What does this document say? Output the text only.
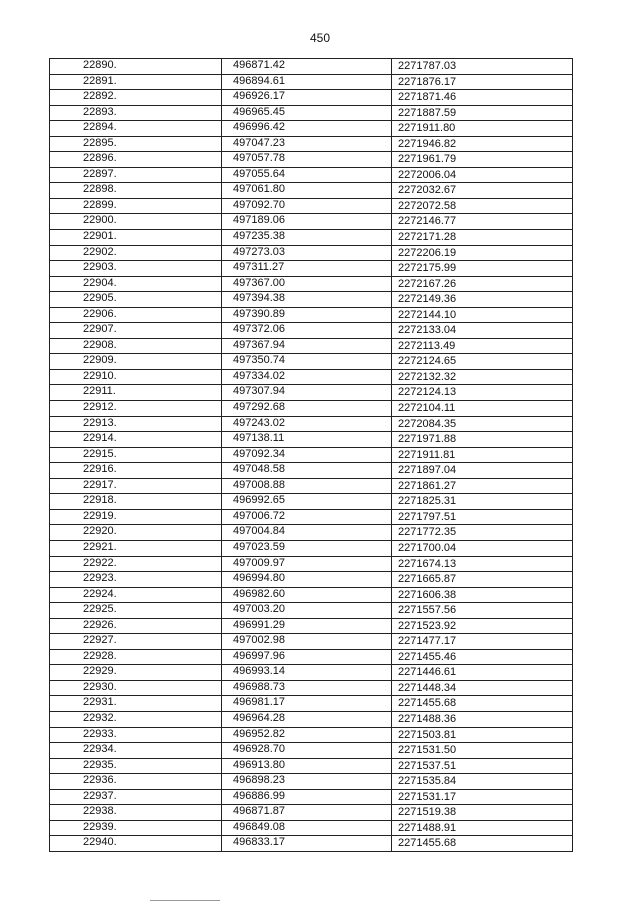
450
22890.	496871.42	2271787.03
22891.	496894.61	2271876.17
22892.	496926.17	2271871.46
22893.	496965.45	2271887.59
22894.	496996.42	2271911.80
22895.	497047.23	2271946.82
22896.	497057.78	2271961.79
22897.	497055.64	2272006.04
22898.	497061.80	2272032.67
22899.	497092.70	2272072.58
22900.	497189.06	2272146.77
22901.	497235.38	2272171.28
22902.	497273.03	2272206.19
22903.	497311.27	2272175.99
22904.	497367.00	2272167.26
22905.	497394.38	2272149.36
22906.	497390.89	2272144.10
22907.	497372.06	2272133.04
22908.	497367.94	2272113.49
22909.	497350.74	2272124.65
22910.	497334.02	2272132.32
22911.	497307.94	2272124.13
22912.	497292.68	2272104.11
22913.	497243.02	2272084.35
22914.	497138.11	2271971.88
22915.	497092.34	2271911.81
22916.	497048.58	2271897.04
22917.	497008.88	2271861.27
22918.	496992.65	2271825.31
22919.	497006.72	2271797.51
22920.	497004.84	2271772.35
22921.	497023.59	2271700.04
22922.	497009.97	2271674.13
22923.	496994.80	2271665.87
22924.	496982.60	2271606.38
22925.	497003.20	2271557.56
22926.	496991.29	2271523.92
22927.	497002.98	2271477.17
22928.	496997.96	2271455.46
22929.	496993.14	2271446.61
22930.	496988.73	2271448.34
22931.	496981.17	2271455.68
22932.	496964.28	2271488.36
22933.	496952.82	2271503.81
22934.	496928.70	2271531.50
22935.	496913.80	2271537.51
22936.	496898.23	2271535.84
22937.	496886.99	2271531.17
22938.	496871.87	2271519.38
22939.	496849.08	2271488.91
22940.	496833.17	2271455.68
